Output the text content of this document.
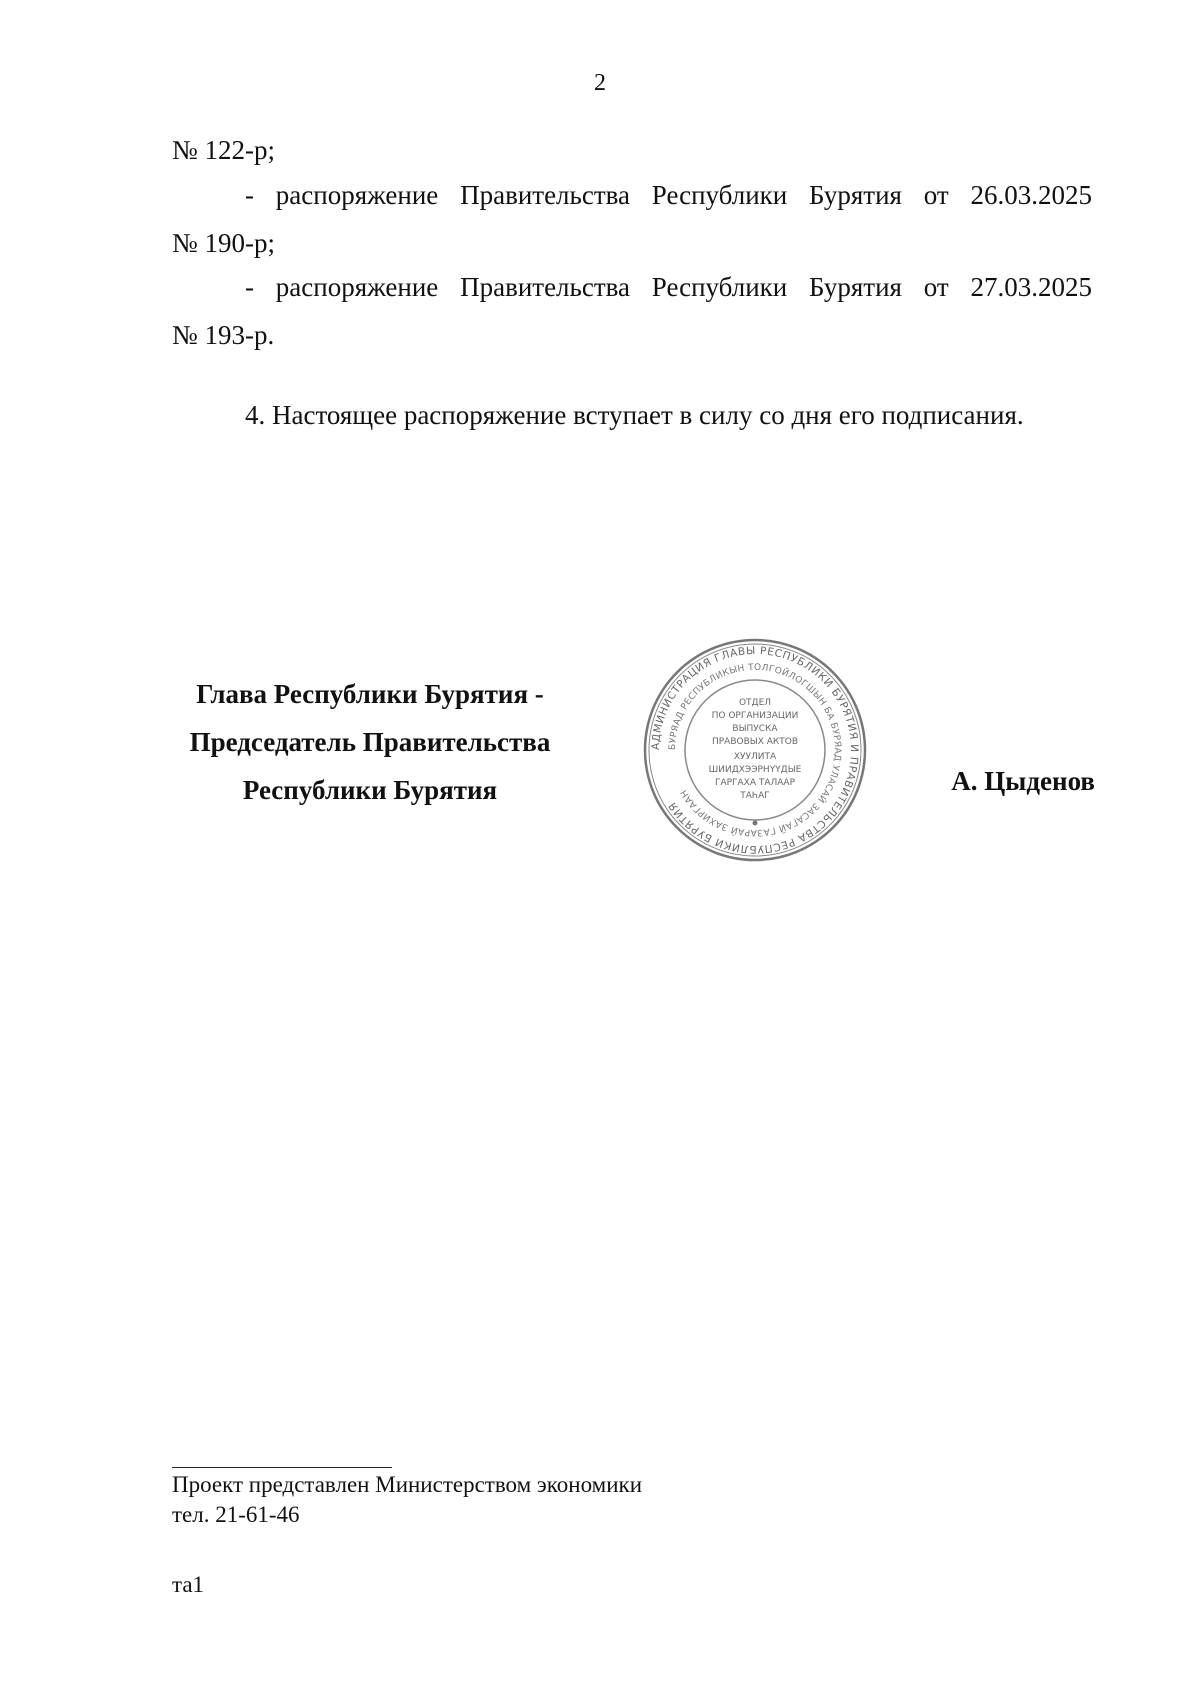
2
№ 122-р;
- распоряжение Правительства Республики Бурятия от 26.03.2025
№ 190-р;
- распоряжение Правительства Республики Бурятия от 27.03.2025
№ 193-р.
4. Настоящее распоряжение вступает в силу со дня его подписания.
Глава Республики Бурятия -
Председатель Правительства
Республики Бурятия
АДМИНИСТРАЦИЯ ГЛАВЫ РЕСПУБЛИКИ БУРЯТИЯ И ПРАВИТЕЛЬСТВА РЕСПУБЛИКИ БУРЯТИЯ
БУРЯАД РЕСПУБЛИКЫН ТОЛГОЙЛОГШЫН БА БУРЯАД УЛАСАЙ ЗАСАГАЙ ГАЗАРАЙ ЗАХИРГААН
ОТДЕЛ
ПО ОРГАНИЗАЦИИ
ВЫПУСКА
ПРАВОВЫХ АКТОВ
ХУУЛИТА
ШИИДХЭЭРНҮҮДЫЕ
ГАРГАХА ТАЛААР
ТАҺАГ	А. Цыденов
Проект представлен Министерством экономики
тел. 21-61-46
та1
